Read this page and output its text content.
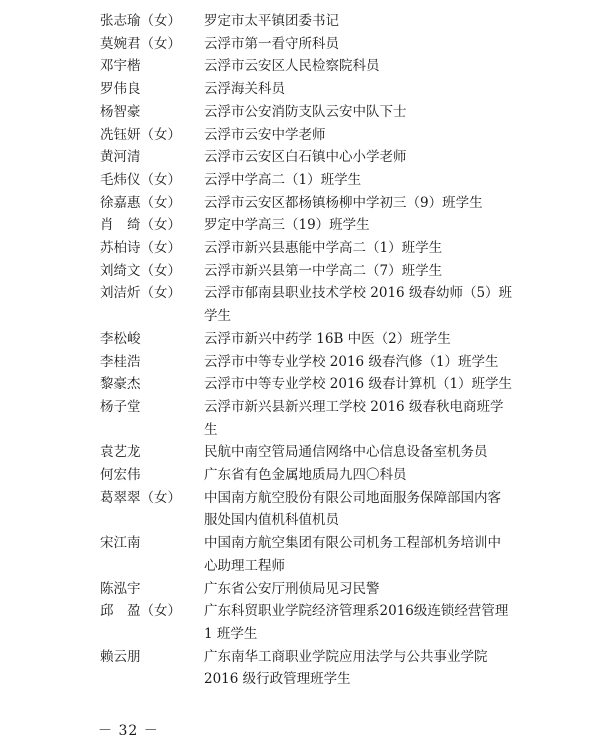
张志瑜（女）	罗定市太平镇团委书记
莫婉君（女）	云浮市第一看守所科员
邓宇楷	云浮市云安区人民检察院科员
罗伟良	云浮海关科员
杨智豪	云浮市公安消防支队云安中队下士
冼钰妍（女）	云浮市云安中学老师
黄河清	云浮市云安区白石镇中心小学老师
毛炜仪（女）	云浮中学高二（1）班学生
徐嘉惠（女）	云浮市云安区都杨镇杨柳中学初三（9）班学生
肖　绮（女）	罗定中学高三（19）班学生
苏柏诗（女）	云浮市新兴县惠能中学高二（1）班学生
刘绮文（女）	云浮市新兴县第一中学高二（7）班学生
刘洁炘（女）	云浮市郁南县职业技术学校 2016 级春幼师（5）班
学生
李松峻	云浮市新兴中药学 16B 中医（2）班学生
李桂浩	云浮市中等专业学校 2016 级春汽修（1）班学生
黎豪杰	云浮市中等专业学校 2016 级春计算机（1）班学生
杨子堂	云浮市新兴县新兴理工学校 2016 级春秋电商班学
生
袁艺龙	民航中南空管局通信网络中心信息设备室机务员
何宏伟	广东省有色金属地质局九四〇科员
葛翠翠（女）	中国南方航空股份有限公司地面服务保障部国内客
服处国内值机科值机员
宋江南	中国南方航空集团有限公司机务工程部机务培训中
心助理工程师
陈泓宇	广东省公安厅刑侦局见习民警
邱　盈（女）	广东科贸职业学院经济管理系2016级连锁经营管理
1 班学生
赖云朋	广东南华工商职业学院应用法学与公共事业学院
2016 级行政管理班学生
－ 32 －
